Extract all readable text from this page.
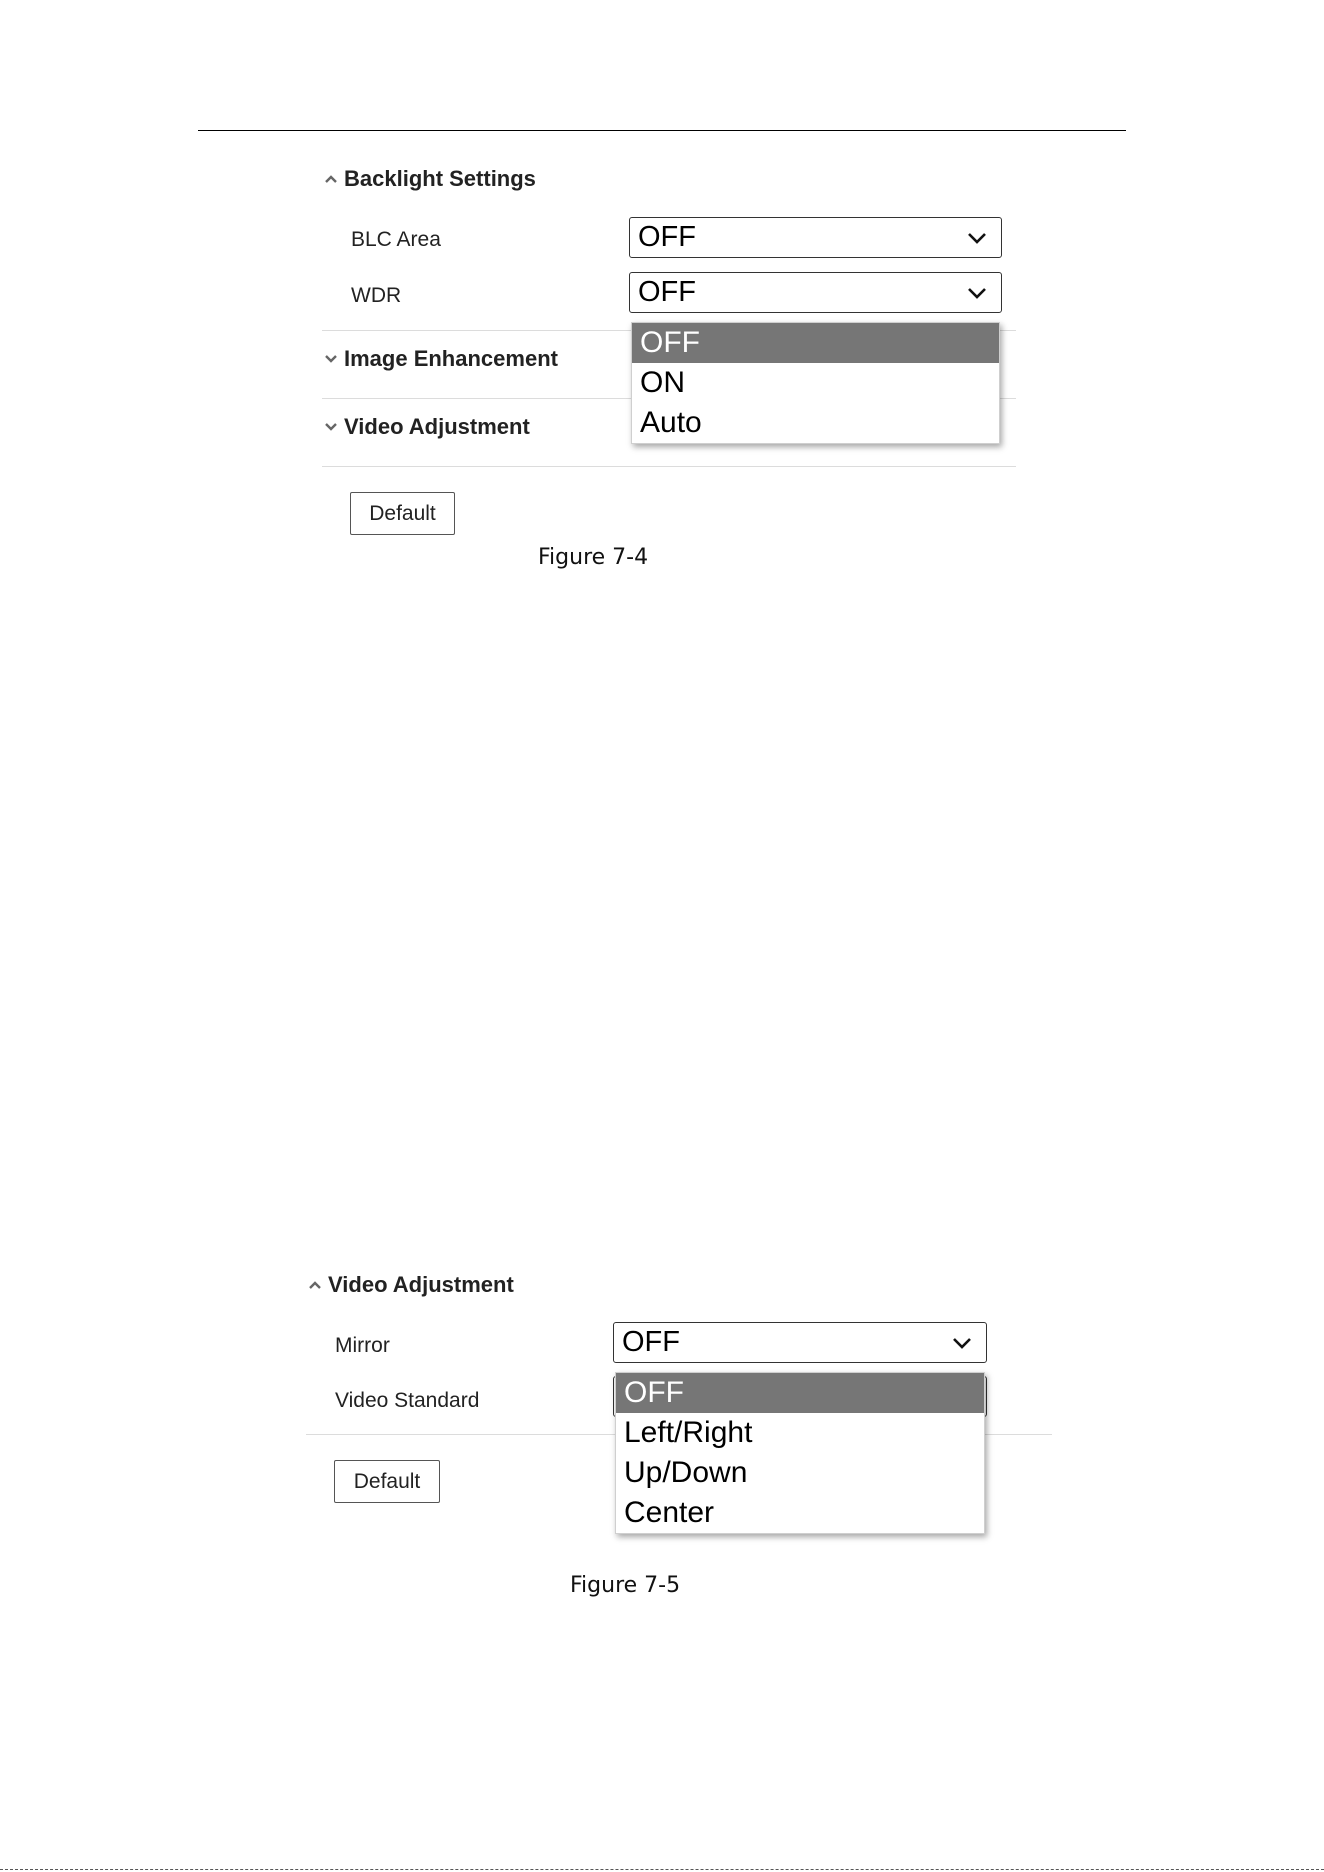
Backlight Settings
BLC Area	OFF
WDR	OFF
Image Enhancement
Video Adjustment
Default
OFF
ON
Auto
Figure 7-4
Video Adjustment
Mirror	OFF
Video Standard
Default
OFF
Left/Right
Up/Down
Center
Figure 7-5
